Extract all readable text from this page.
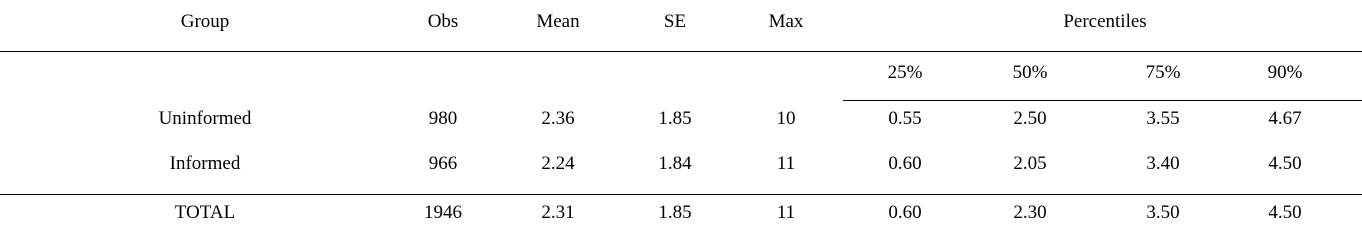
Group	Obs	Mean	SE	Max	Percentiles
25%	50%	75%	90%
Uninformed	980	2.36	1.85	10	0.55	2.50	3.55	4.67
Informed	966	2.24	1.84	11	0.60	2.05	3.40	4.50
TOTAL	1946	2.31	1.85	11	0.60	2.30	3.50	4.50
